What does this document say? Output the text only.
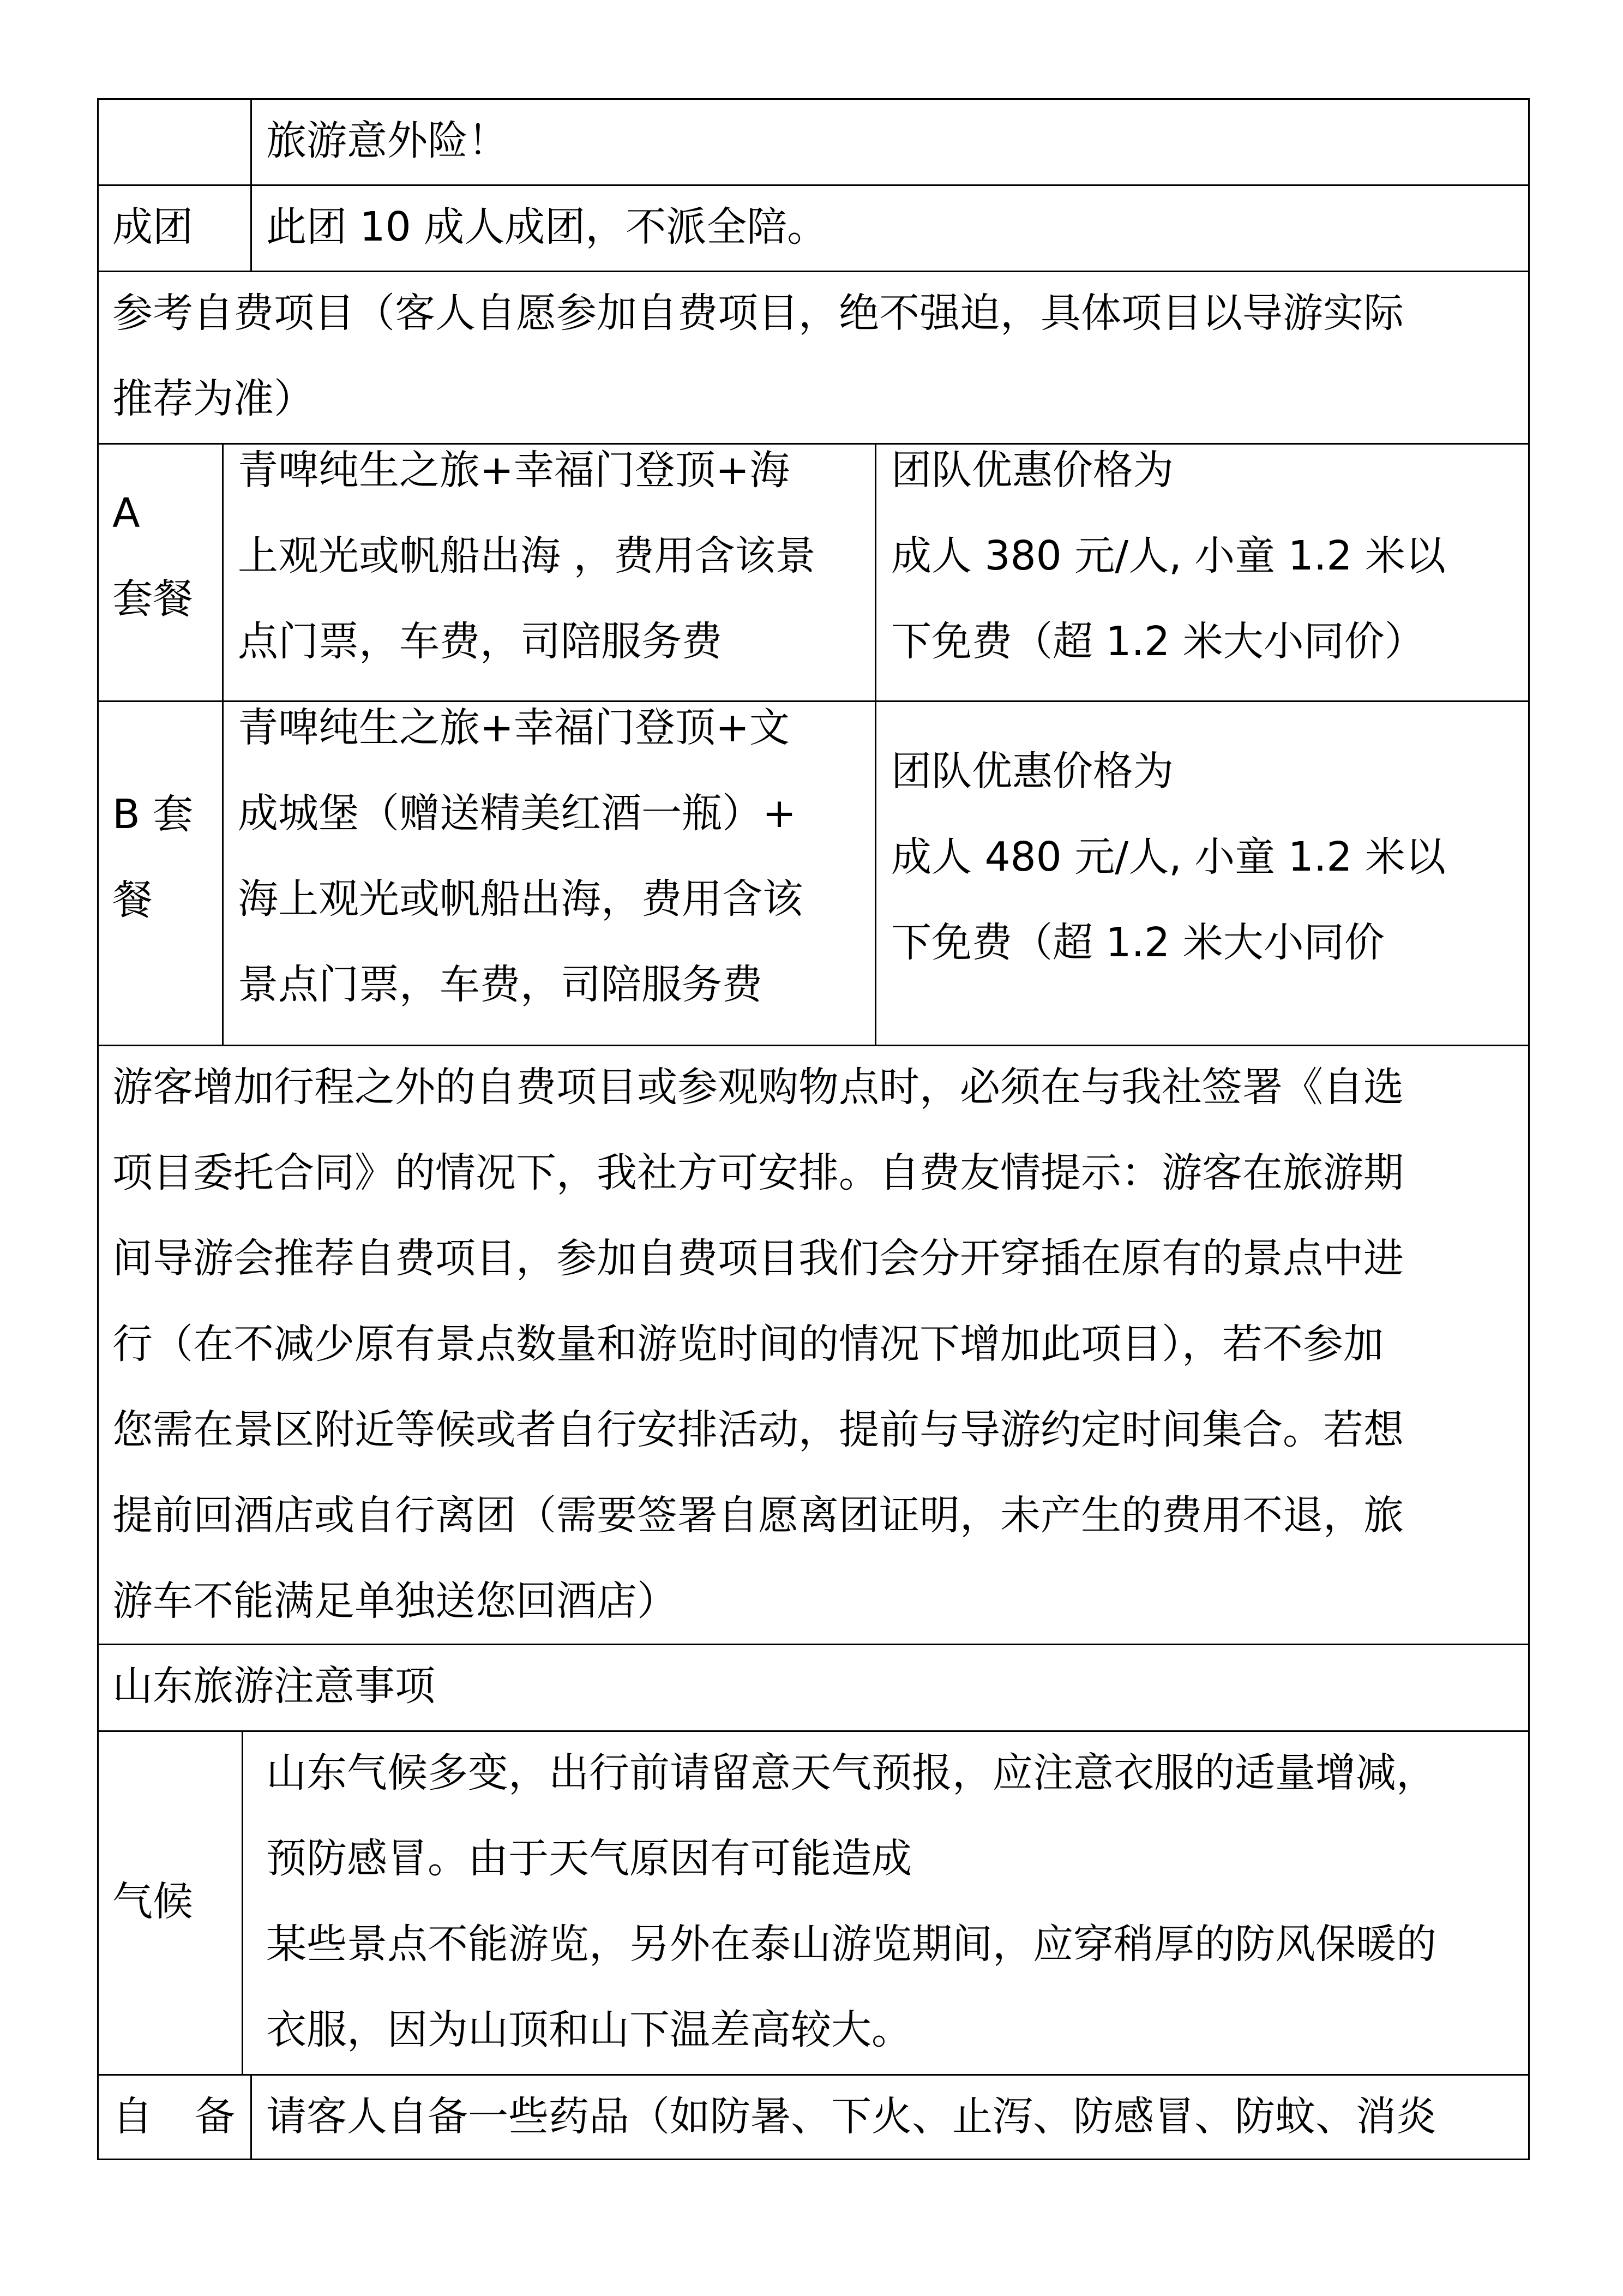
旅游意外险！
成团	此团 10 成人成团，不派全陪。
参考自费项目（客人自愿参加自费项目，绝不强迫，具体项目以导游实际
推荐为准）
A
套餐
青啤纯生之旅+幸福门登顶+海
上观光或帆船出海 ，费用含该景
点门票，车费，司陪服务费
团队优惠价格为
成人 380 元/人, 小童 1.2 米以
下免费（超 1.2 米大小同价）
B 套
餐
青啤纯生之旅+幸福门登顶+文
成城堡（赠送精美红酒一瓶）+
海上观光或帆船出海，费用含该
景点门票，车费，司陪服务费
团队优惠价格为
成人 480 元/人, 小童 1.2 米以
下免费（超 1.2 米大小同价
游客增加行程之外的自费项目或参观购物点时，必须在与我社签署《自选
项目委托合同》的情况下，我社方可安排。自费友情提示：游客在旅游期
间导游会推荐自费项目，参加自费项目我们会分开穿插在原有的景点中进
行（在不减少原有景点数量和游览时间的情况下增加此项目），若不参加
您需在景区附近等候或者自行安排活动，提前与导游约定时间集合。若想
提前回酒店或自行离团（需要签署自愿离团证明，未产生的费用不退，旅
游车不能满足单独送您回酒店）
山东旅游注意事项
气候
山东气候多变，出行前请留意天气预报，应注意衣服的适量增减，
预防感冒。由于天气原因有可能造成
某些景点不能游览，另外在泰山游览期间，应穿稍厚的防风保暖的
衣服，因为山顶和山下温差高较大。
自 备 请客人自备一些药品（如防暑、下火、止泻、防感冒、防蚊、消炎
